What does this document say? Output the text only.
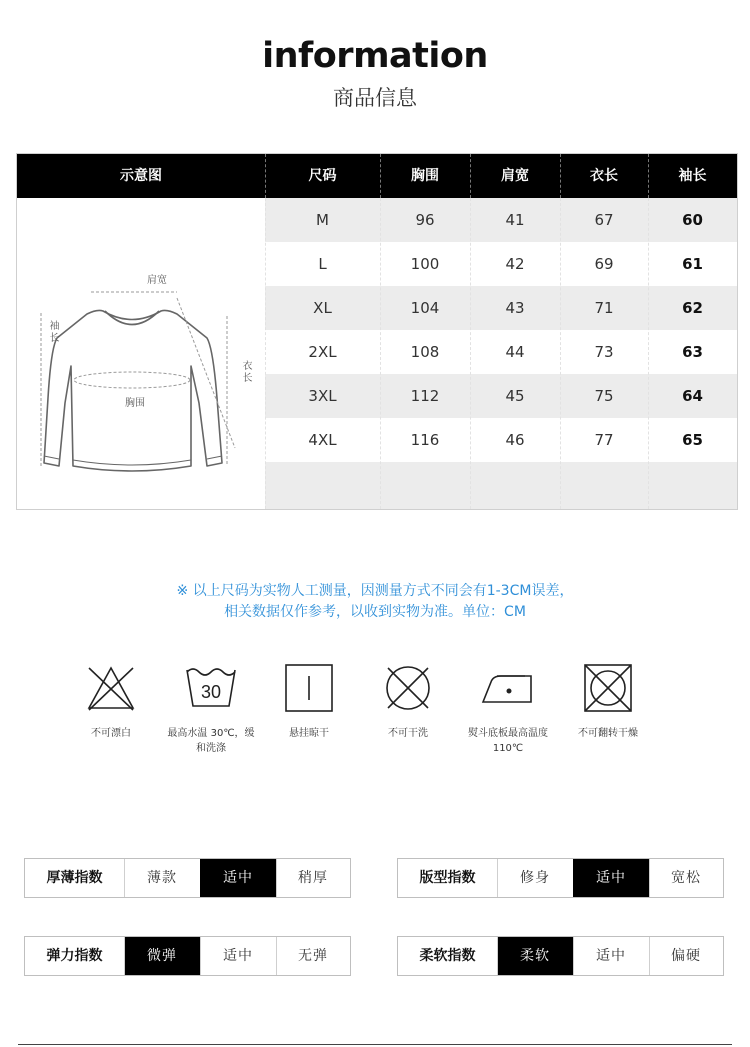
information
商品信息
示意图	尺码	胸围	肩宽	衣长	袖长
肩宽
袖长
衣长
胸围
M	96	41	67	60
L	100	42	69	61
XL	104	43	71	62
2XL	108	44	73	63
3XL	112	45	75	64
4XL	116	46	77	65
※ 以上尺码为实物人工测量，因测量方式不同会有1-3CM误差，
相关数据仅作参考，以收到实物为准。单位：CM
不可漂白
30
最高水温 30℃，缓和洗涤
悬挂晾干	不可干洗	熨斗底板最高温度 110℃
不可翻转干燥
厚薄指数	薄款	适中	稍厚	版型指数	修身	适中	宽松
弹力指数	微弹	适中	无弹	柔软指数	柔软	适中	偏硬
